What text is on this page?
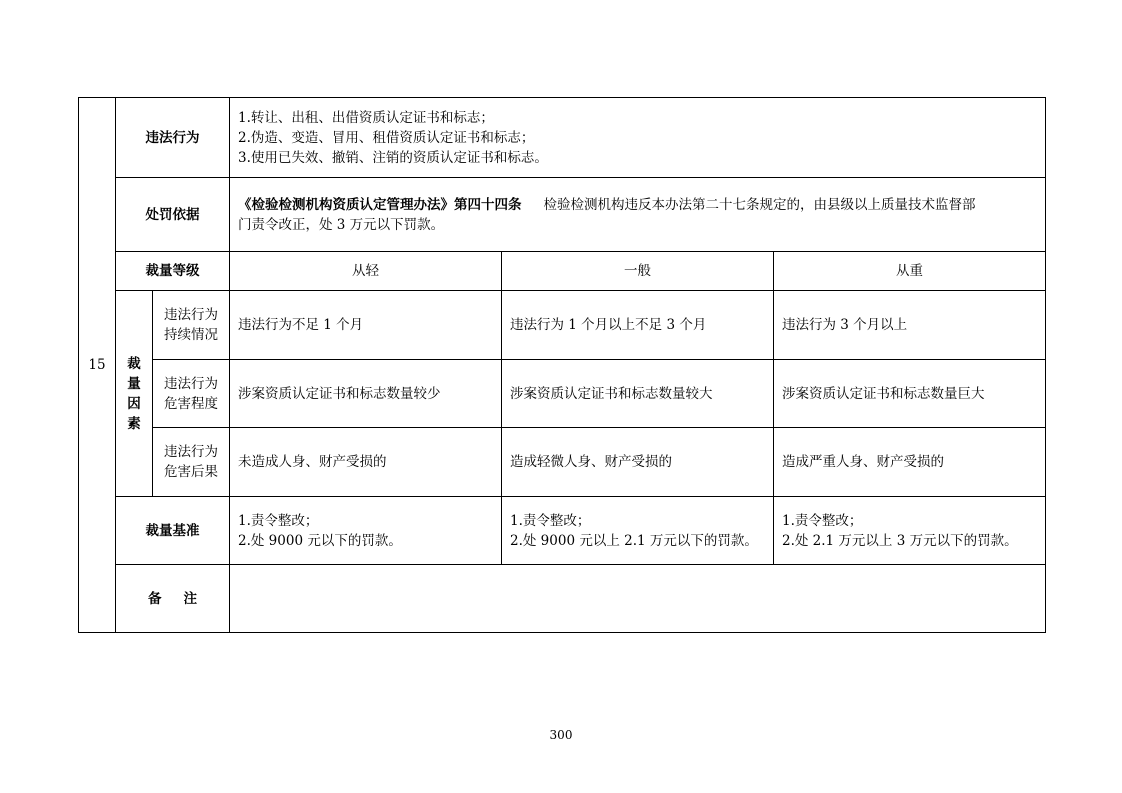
15	违法行为		1.转让、出租、出借资质认定证书和标志；
2.伪造、变造、冒用、租借资质认定证书和标志；
3.使用已失效、撤销、注销的资质认定证书和标志。		

	处罚依据		《检验检测机构资质认定管理办法》第四十四条 检验检测机构违反本办法第二十七条规定的，由县级以上质量技术监督部
门责令改正，处 3 万元以下罚款。		

	裁量等级		从轻	一般	从重

	裁
量
因
素	违法行为
持续情况	违法行为不足 1 个月	违法行为 1 个月以上不足 3 个月	违法行为 3 个月以上

		违法行为
危害程度	涉案资质认定证书和标志数量较少	涉案资质认定证书和标志数量较大	涉案资质认定证书和标志数量巨大

		违法行为
危害后果	未造成人身、财产受损的	造成轻微人身、财产受损的	造成严重人身、财产受损的
	裁量基准		1.责令整改；
2.处 9000 元以下的罚款。	1.责令整改；
2.处 9000 元以上 2.1 万元以下的罚款。	1.责令整改；
2.处 2.1 万元以上 3 万元以下的罚款。

	备注				
300
